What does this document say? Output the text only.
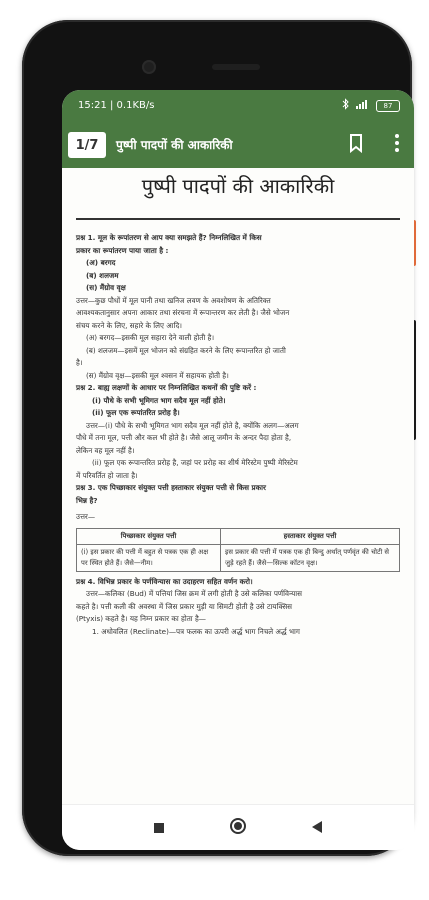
15:21 | 0.1KB/s	87
1/7 पुष्पी पादपों की आकारिकी
पुष्पी पादपों की आकारिकी

प्रश्न 1. मूल के रूपांतरण से आप क्या समझते हैं? निम्नलिखित में किस

प्रकार का रूपांतरण पाया जाता है :

(अ) बरगद

(ब) शलजम

(स) मैंग्रोव वृक्ष

उत्तर—कुछ पौधों में मूल पानी तथा खनिज लवण के अवशोषण के अतिरिक्त

आवश्यकतानुसार अपना आकार तथा संरचना में रूपान्तरण कर लेती है। जैसे भोजन

संचय करने के लिए, सहारे के लिए आदि।

(अ) बरगद—इसकी मूल सहारा देने वाली होती है।

(ब) शलजम—इसमें मूल भोजन को संग्रहित करने के लिए रूपान्तरित हो जाती

है।

(स) मैंग्रोव वृक्ष—इसकी मूल श्वसन में सहायक होती है।

प्रश्न 2. बाह्य लक्षणों के आधार पर निम्नलिखित कथनों की पुष्टि करें :

(i) पौधे के सभी भूमिगत भाग सदैव मूल नहीं होते।

(ii) फूल एक रूपांतरित प्ररोह है।

उत्तर—(i) पौधे के सभी भूमिगत भाग सदैव मूल नहीं होते है, क्योंकि अलग—अलग

पौधे में तना मूल, पत्ती और कल भी होते है। जैसे आलू जमीन के अन्दर पैदा होता है,

लेकिन वह मूल नहीं है।

(ii) फूल एक रूपान्तरित प्ररोह है, जहां पर प्ररोह का शीर्ष मेरिस्टेम पुष्पी मेरिस्टेम

में परिवर्तित हो जाता है।

प्रश्न 3. एक पिच्छाकार संयुक्त पत्ती हस्ताकार संयुक्त पत्ती से किस प्रकार

भिन्न है?

उत्तर—

पिच्छाकार संयुक्त पत्ती	हस्ताकार संयुक्त पत्ती
(i) इस प्रकार की पत्ती में बहुत से पत्रक एक ही अक्ष पर स्थित होते हैं। जैसे—नीम।	इस प्रकार की पत्ती में पत्रक एक ही बिन्दु अर्थात् पर्णवृंत की चोटी से जुड़े रहते हैं। जैसे—सिल्क कॉटन वृक्ष।

प्रश्न 4. विभिन्न प्रकार के पर्णविन्यास का उदाहरण सहित वर्णन करो।

उत्तर—कलिका (Bud) में पत्तियां जिस क्रम में लगी होती है उसे कलिका पर्णविन्यास

कहते है। पत्ती कली की अवस्था में जिस प्रकार मुड़ी या सिमटी होती है उसे टायक्सिस

(Ptyxis) कहते है। यह निम्न प्रकार का होता है—

1. अधोवलित (Reclinate)—पत्र फलक का ऊपरी अर्द्ध भाग निचले अर्द्ध भाग
